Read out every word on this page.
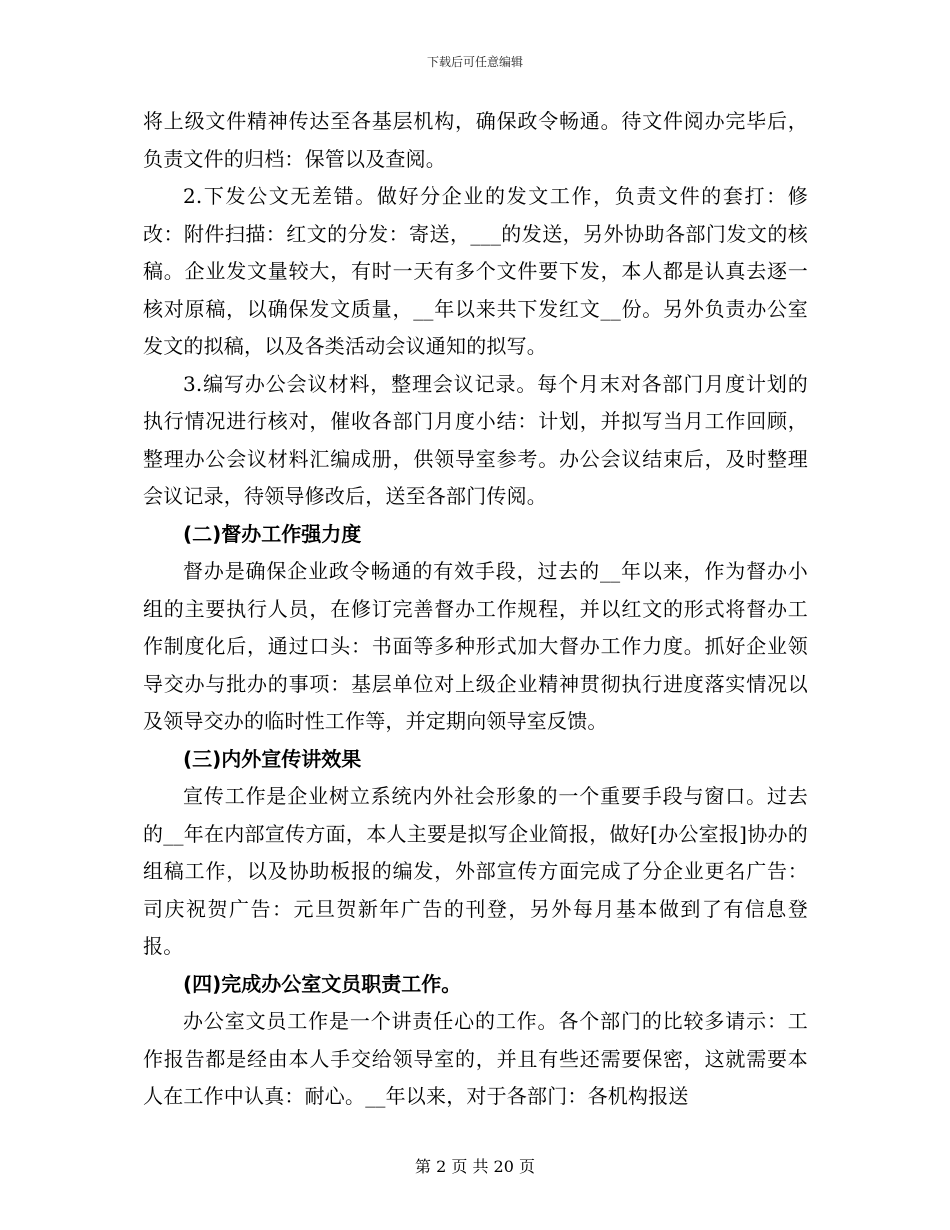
下载后可任意编辑

将上级文件精神传达至各基层机构，确保政令畅通。待文件阅办完毕后，负责文件的归档：保管以及查阅。

2.下发公文无差错。做好分企业的发文工作，负责文件的套打：修改：附件扫描：红文的分发：寄送，___的发送，另外协助各部门发文的核稿。企业发文量较大，有时一天有多个文件要下发，本人都是认真去逐一核对原稿，以确保发文质量，__年以来共下发红文__份。另外负责办公室发文的拟稿，以及各类活动会议通知的拟写。

3.编写办公会议材料，整理会议记录。每个月末对各部门月度计划的执行情况进行核对，催收各部门月度小结：计划，并拟写当月工作回顾，整理办公会议材料汇编成册，供领导室参考。办公会议结束后，及时整理会议记录，待领导修改后，送至各部门传阅。

(二)督办工作强力度

督办是确保企业政令畅通的有效手段，过去的__年以来，作为督办小组的主要执行人员，在修订完善督办工作规程，并以红文的形式将督办工作制度化后，通过口头：书面等多种形式加大督办工作力度。抓好企业领导交办与批办的事项：基层单位对上级企业精神贯彻执行进度落实情况以及领导交办的临时性工作等，并定期向领导室反馈。

(三)内外宣传讲效果

宣传工作是企业树立系统内外社会形象的一个重要手段与窗口。过去的__年在内部宣传方面，本人主要是拟写企业简报，做好[办公室报]协办的组稿工作，以及协助板报的编发，外部宣传方面完成了分企业更名广告：司庆祝贺广告：元旦贺新年广告的刊登，另外每月基本做到了有信息登报。

(四)完成办公室文员职责工作。

办公室文员工作是一个讲责任心的工作。各个部门的比较多请示：工作报告都是经由本人手交给领导室的，并且有些还需要保密，这就需要本人在工作中认真：耐心。__年以来，对于各部门：各机构报送

第 2 页 共 20 页
